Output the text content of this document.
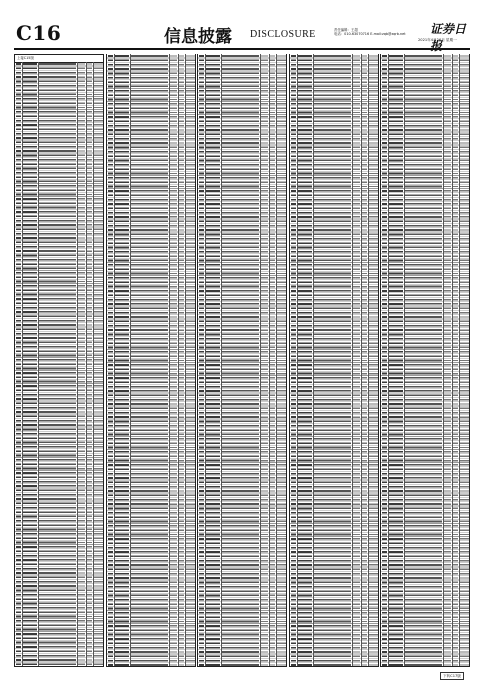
C16	信息披露 DISCLOSURE	责任编辑：王超
电话：010-63070716 E-mail:zqb@zqrb.net 证券日报
2021年4月26日 星期一
上接C15版
下转C17版
